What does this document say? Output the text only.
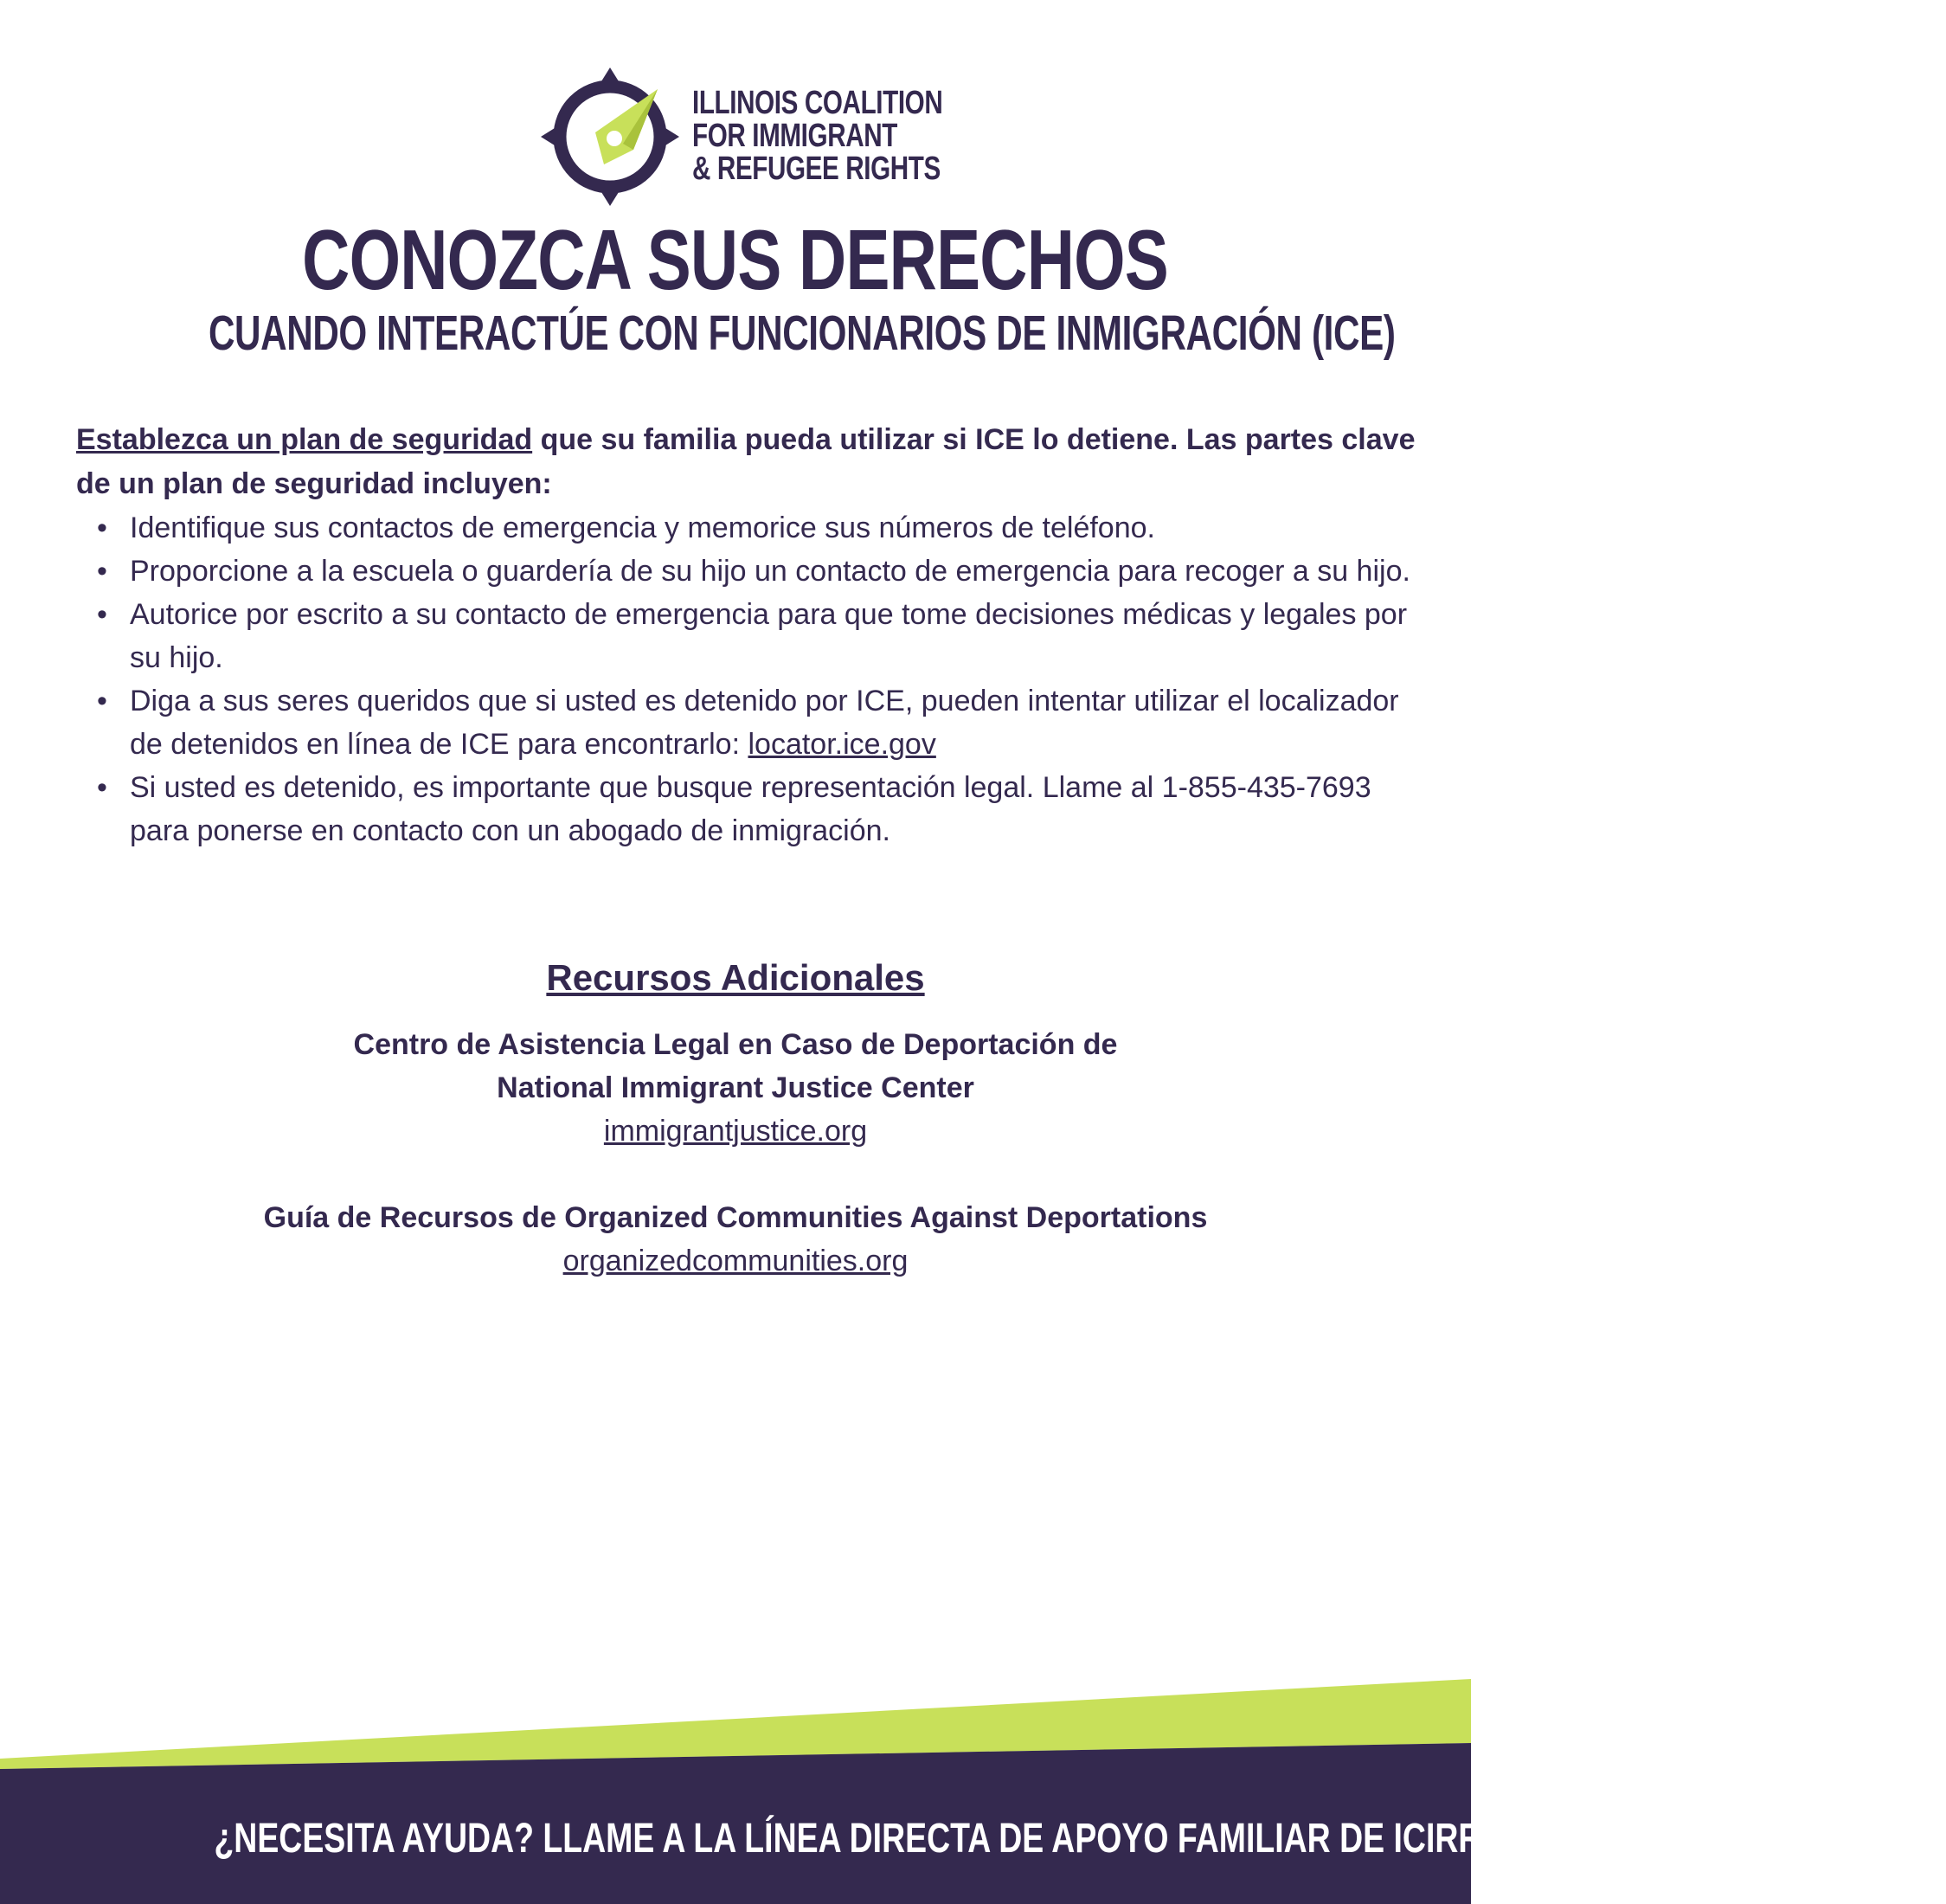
ILLINOIS COALITION
FOR IMMIGRANT
& REFUGEE RIGHTS
CONOZCA SUS DERECHOS
CUANDO INTERACTÚE CON FUNCIONARIOS DE INMIGRACIÓN (ICE)

Establezca un plan de seguridad que su familia pueda utilizar si ICE lo detiene. Las partes clave de un plan de seguridad incluyen:

• Identifique sus contactos de emergencia y memorice sus números de teléfono.
• Proporcione a la escuela o guardería de su hijo un contacto de emergencia para recoger a su hijo.
• Autorice por escrito a su contacto de emergencia para que tome decisiones médicas y legales por su hijo.
• Diga a sus seres queridos que si usted es detenido por ICE, pueden intentar utilizar el localizador de detenidos en línea de ICE para encontrarlo: locator.ice.gov
• Si usted es detenido, es importante que busque representación legal. Llame al 1-855-435-7693 para ponerse en contacto con un abogado de inmigración.
Recursos Adicionales
Centro de Asistencia Legal en Caso de Deportación de
National Immigrant Justice Center
immigrantjustice.org
Guía de Recursos de Organized Communities Against Deportations
organizedcommunities.org
¿NECESITA AYUDA? LLAME A LA LÍNEA DIRECTA DE APOYO FAMILIAR DE ICIRR: 1-855-435-7693
